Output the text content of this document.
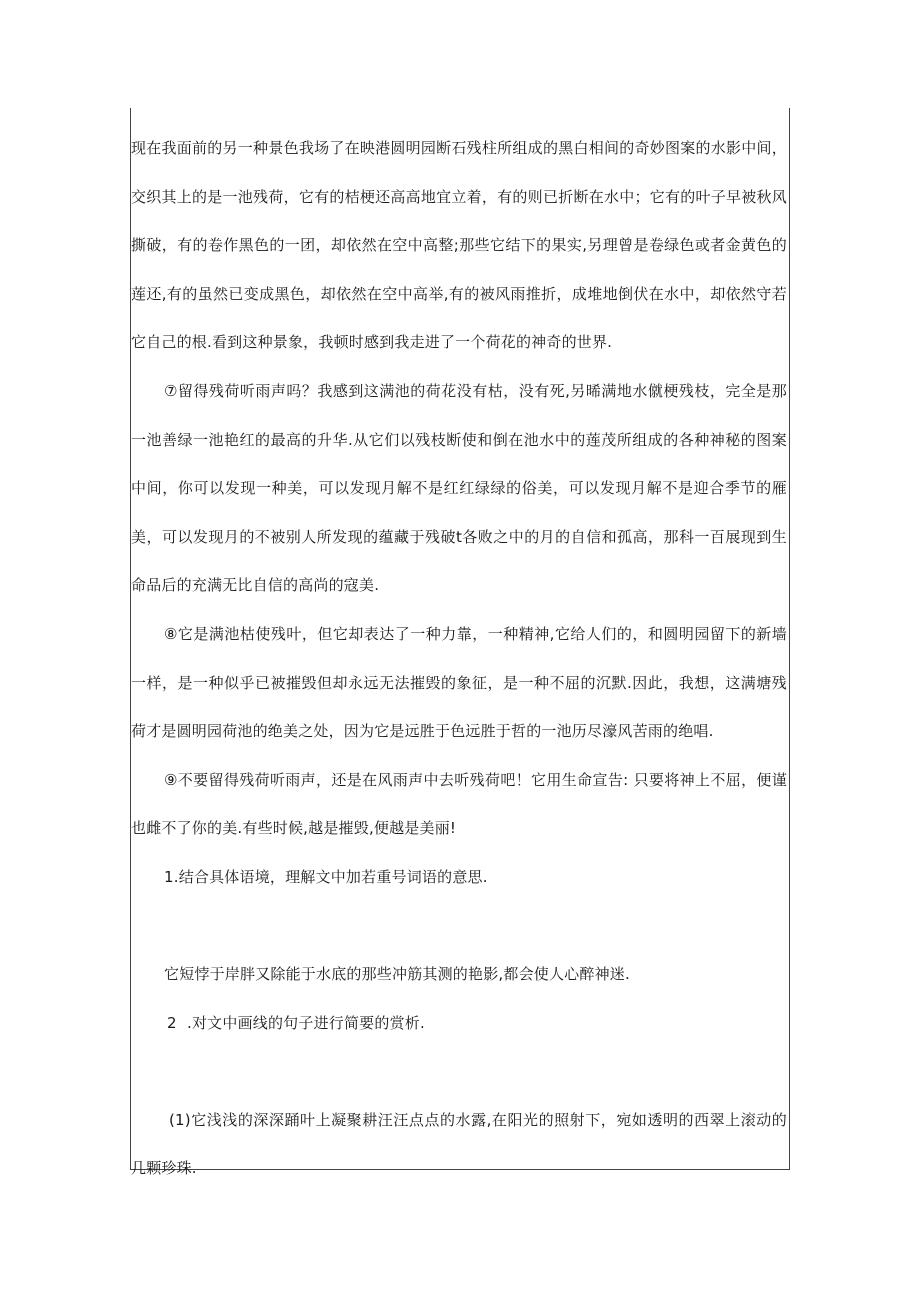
现在我面前的另一种景色我场了在映港圆明园断石残柱所组成的黑白相间的奇妙图案的水影中间，交织其上的是一池残荷，它有的桔梗还高高地宜立着，有的则已折断在水中；它有的叶子早被秋风撕破，有的卷作黑色的一团，却依然在空中高整;那些它结下的果实,另理曾是卷绿色或者金黄色的莲还,有的虽然已变成黑色，却依然在空中高举,有的被风雨推折，成堆地倒伏在水中，却依然守若它自己的根.看到这种景象，我顿时感到我走进了一个荷花的神奇的世界.

⑦留得残荷听雨声吗？我感到这满池的荷花没有枯，没有死,另晞满地水僦梗残枝，完全是那一池善绿一池艳红的最高的升华.从它们以残枝断使和倒在池水中的莲茂所组成的各种神秘的图案中间，你可以发现一种美，可以发现月解不是红红绿绿的俗美，可以发现月解不是迎合季节的雁美，可以发现月的不被别人所发现的蕴藏于残破t各败之中的月的自信和孤高，那科一百展现到生命品后的充满无比自信的高尚的寇美.

⑧它是满池枯使残叶，但它却表达了一种力靠，一种精神,它给人们的，和圆明园留下的新墙一样，是一种似乎已被摧毁但却永远无法摧毁的象征，是一种不屈的沉默.因此，我想，这满塘残荷才是圆明园荷池的绝美之处，因为它是远胜于色远胜于哲的一池历尽濠风苦雨的绝唱.

⑨不要留得残荷听雨声，还是在风雨声中去听残荷吧！它用生命宣告: 只要将神上不屈，便谨也雌不了你的美.有些时候,越是摧毁,便越是美丽!

1.结合具体语境，理解文中加若重号词语的意思.

它短悖于岸胖又除能于水底的那些冲筋其测的艳影,都会使人心醉神迷.

2 .对文中画线的句子进行简要的赏析.

(1)它浅浅的深深踊叶上凝聚耕汪汪点点的水露,在阳光的照射下，宛如透明的西翠上滚动的几颗珍珠.
